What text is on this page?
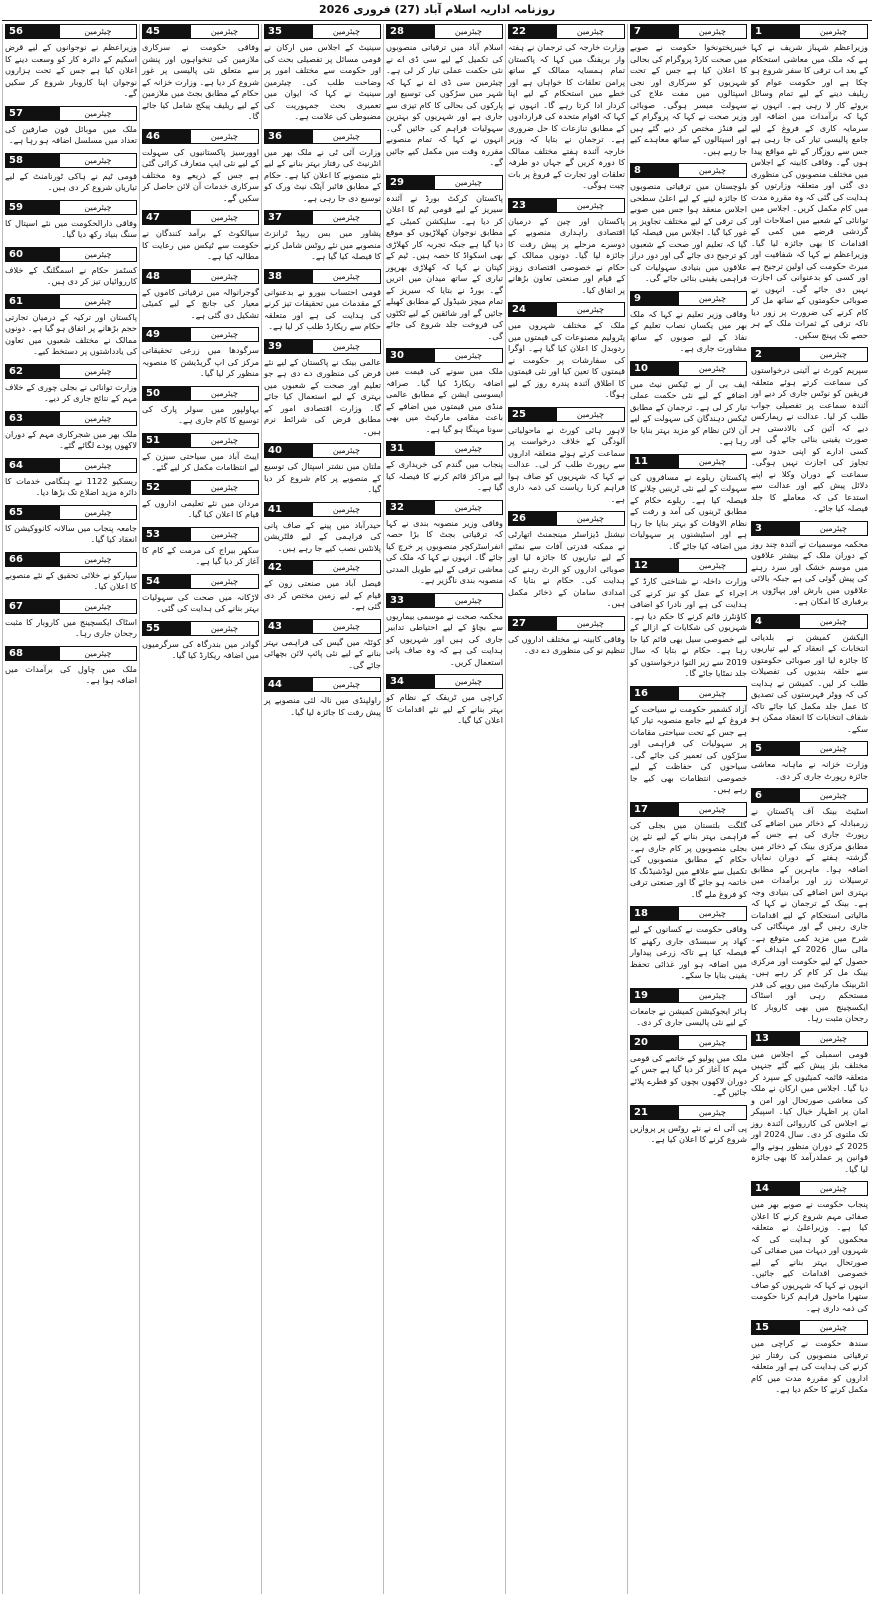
روزنامہ اداریہ اسلام آباد (27) فروری 2026
1	چیئرمین

وزیراعظم شہباز شریف نے کہا ہے کہ ملک میں معاشی استحکام کے بعد اب ترقی کا سفر شروع ہو چکا ہے اور حکومت عوام کو ریلیف دینے کے لیے تمام وسائل بروئے کار لا رہی ہے۔ انہوں نے کہا کہ برآمدات میں اضافہ اور سرمایہ کاری کے فروغ کے لیے جامع پالیسی تیار کی جا رہی ہے جس سے روزگار کے نئے مواقع پیدا ہوں گے۔ وفاقی کابینہ کے اجلاس میں مختلف منصوبوں کی منظوری دی گئی اور متعلقہ وزارتوں کو ہدایت کی گئی کہ وہ مقررہ مدت میں کام مکمل کریں۔ اجلاس میں توانائی کے شعبے میں اصلاحات اور گردشی قرضے میں کمی کے اقدامات کا بھی جائزہ لیا گیا۔ وزیراعظم نے کہا کہ شفافیت اور میرٹ حکومت کی اولین ترجیح ہے اور کسی کو بدعنوانی کی اجازت نہیں دی جائے گی۔ انہوں نے صوبائی حکومتوں کے ساتھ مل کر کام کرنے کی ضرورت پر زور دیا تاکہ ترقی کے ثمرات ملک کے ہر حصے تک پہنچ سکیں۔

2	چیئرمین

سپریم کورٹ نے آئینی درخواستوں کی سماعت کرتے ہوئے متعلقہ فریقین کو نوٹس جاری کر دیے اور آئندہ سماعت پر تفصیلی جواب طلب کر لیا۔ عدالت نے ریمارکس دیے کہ آئین کی بالادستی ہر صورت یقینی بنائی جائے گی اور کسی ادارے کو اپنی حدود سے تجاوز کی اجازت نہیں ہوگی۔ سماعت کے دوران وکلا نے اپنے دلائل پیش کیے اور عدالت سے استدعا کی کہ معاملے کا جلد فیصلہ کیا جائے۔

3	چیئرمین

محکمہ موسمیات نے آئندہ چند روز کے دوران ملک کے بیشتر علاقوں میں موسم خشک اور سرد رہنے کی پیش گوئی کی ہے جبکہ بالائی علاقوں میں بارش اور پہاڑوں پر برفباری کا امکان ہے۔

4	چیئرمین

الیکشن کمیشن نے بلدیاتی انتخابات کے انعقاد کے لیے تیاریوں کا جائزہ لیا اور صوبائی حکومتوں سے حلقہ بندیوں کی تفصیلات طلب کر لیں۔ کمیشن نے ہدایت کی کہ ووٹر فہرستوں کی تصدیق کا عمل جلد مکمل کیا جائے تاکہ شفاف انتخابات کا انعقاد ممکن ہو سکے۔

5	چیئرمین

وزارت خزانہ نے ماہانہ معاشی جائزہ رپورٹ جاری کر دی۔

6	چیئرمین

اسٹیٹ بینک آف پاکستان نے زرمبادلہ کے ذخائر میں اضافے کی رپورٹ جاری کی ہے جس کے مطابق مرکزی بینک کے ذخائر میں گزشتہ ہفتے کے دوران نمایاں اضافہ ہوا۔ ماہرین کے مطابق ترسیلات زر اور برآمدات میں بہتری اس اضافے کی بنیادی وجہ ہے۔ بینک کے ترجمان نے کہا کہ مالیاتی استحکام کے لیے اقدامات جاری رہیں گے اور مہنگائی کی شرح میں مزید کمی متوقع ہے۔ مالی سال 2026 کے اہداف کے حصول کے لیے حکومت اور مرکزی بینک مل کر کام کر رہے ہیں۔ انٹربینک مارکیٹ میں روپے کی قدر مستحکم رہی اور اسٹاک ایکسچینج میں بھی کاروبار کا رجحان مثبت رہا۔

13	چیئرمین

قومی اسمبلی کے اجلاس میں مختلف بلز پیش کیے گئے جنہیں متعلقہ قائمہ کمیٹیوں کے سپرد کر دیا گیا۔ اجلاس میں ارکان نے ملک کی معاشی صورتحال اور امن و امان پر اظہار خیال کیا۔ اسپیکر نے اجلاس کی کارروائی آئندہ روز تک ملتوی کر دی۔ سال 2024 اور 2025 کے دوران منظور ہونے والے قوانین پر عملدرآمد کا بھی جائزہ لیا گیا۔

14	چیئرمین

پنجاب حکومت نے صوبے بھر میں صفائی مہم شروع کرنے کا اعلان کیا ہے۔ وزیراعلیٰ نے متعلقہ محکموں کو ہدایت کی کہ شہروں اور دیہات میں صفائی کی صورتحال بہتر بنانے کے لیے خصوصی اقدامات کیے جائیں۔ انہوں نے کہا کہ شہریوں کو صاف ستھرا ماحول فراہم کرنا حکومت کی ذمہ داری ہے۔

15	چیئرمین

سندھ حکومت نے کراچی میں ترقیاتی منصوبوں کی رفتار تیز کرنے کی ہدایت کی ہے اور متعلقہ اداروں کو مقررہ مدت میں کام مکمل کرنے کا حکم دیا ہے۔

7	چیئرمین

خیبرپختونخوا حکومت نے صوبے میں صحت کارڈ پروگرام کی بحالی کا اعلان کیا ہے جس کے تحت شہریوں کو سرکاری اور نجی اسپتالوں میں مفت علاج کی سہولت میسر ہوگی۔ صوبائی وزیر صحت نے کہا کہ پروگرام کے لیے فنڈز مختص کر دیے گئے ہیں اور اسپتالوں کے ساتھ معاہدے کیے جا رہے ہیں۔

8	چیئرمین

بلوچستان میں ترقیاتی منصوبوں کا جائزہ لینے کے لیے اعلیٰ سطحی اجلاس منعقد ہوا جس میں صوبے کی ترقی کے لیے مختلف تجاویز پر غور کیا گیا۔ اجلاس میں فیصلہ کیا گیا کہ تعلیم اور صحت کے شعبوں کو ترجیح دی جائے گی اور دور دراز علاقوں میں بنیادی سہولیات کی فراہمی یقینی بنائی جائے گی۔

9	چیئرمین

وفاقی وزیر تعلیم نے کہا کہ ملک بھر میں یکساں نصاب تعلیم کے نفاذ کے لیے صوبوں کے ساتھ مشاورت جاری ہے۔

10	چیئرمین

ایف بی آر نے ٹیکس نیٹ میں اضافے کے لیے نئی حکمت عملی تیار کر لی ہے۔ ترجمان کے مطابق ٹیکس دہندگان کی سہولت کے لیے آن لائن نظام کو مزید بہتر بنایا جا رہا ہے۔

11	چیئرمین

پاکستان ریلوے نے مسافروں کی سہولت کے لیے نئی ٹرینیں چلانے کا فیصلہ کیا ہے۔ ریلوے حکام کے مطابق ٹرینوں کی آمد و رفت کے نظام الاوقات کو بہتر بنایا جا رہا ہے اور اسٹیشنوں پر سہولیات میں اضافہ کیا جائے گا۔

12	چیئرمین

وزارت داخلہ نے شناختی کارڈ کے اجراء کے عمل کو تیز کرنے کی ہدایت کی ہے اور نادرا کو اضافی کاؤنٹرز قائم کرنے کا حکم دیا ہے۔ شہریوں کی شکایات کے ازالے کے لیے خصوصی سیل بھی قائم کیا جا رہا ہے۔ حکام نے بتایا کہ سال 2019 سے زیر التوا درخواستوں کو جلد نمٹایا جائے گا۔

16	چیئرمین

آزاد کشمیر حکومت نے سیاحت کے فروغ کے لیے جامع منصوبہ تیار کیا ہے جس کے تحت سیاحتی مقامات پر سہولیات کی فراہمی اور سڑکوں کی تعمیر کی جائے گی۔ سیاحوں کی حفاظت کے لیے خصوصی انتظامات بھی کیے جا رہے ہیں۔

17	چیئرمین

گلگت بلتستان میں بجلی کی فراہمی بہتر بنانے کے لیے نئے پن بجلی منصوبوں پر کام جاری ہے۔ حکام کے مطابق منصوبوں کی تکمیل سے علاقے میں لوڈشیڈنگ کا خاتمہ ہو جائے گا اور صنعتی ترقی کو فروغ ملے گا۔

18	چیئرمین

وفاقی حکومت نے کسانوں کے لیے کھاد پر سبسڈی جاری رکھنے کا فیصلہ کیا ہے تاکہ زرعی پیداوار میں اضافہ ہو اور غذائی تحفظ یقینی بنایا جا سکے۔

19	چیئرمین

ہائر ایجوکیشن کمیشن نے جامعات کے لیے نئی پالیسی جاری کر دی۔

20	چیئرمین

ملک میں پولیو کے خاتمے کی قومی مہم کا آغاز کر دیا گیا ہے جس کے دوران لاکھوں بچوں کو قطرے پلائے جائیں گے۔

21	چیئرمین

پی آئی اے نے نئے روٹس پر پروازیں شروع کرنے کا اعلان کیا ہے۔

22	چیئرمین

وزارت خارجہ کی ترجمان نے ہفتہ وار بریفنگ میں کہا کہ پاکستان تمام ہمسایہ ممالک کے ساتھ پرامن تعلقات کا خواہاں ہے اور خطے میں استحکام کے لیے اپنا کردار ادا کرتا رہے گا۔ انہوں نے کہا کہ اقوام متحدہ کی قراردادوں کے مطابق تنازعات کا حل ضروری ہے۔ ترجمان نے بتایا کہ وزیر خارجہ آئندہ ہفتے مختلف ممالک کا دورہ کریں گے جہاں دو طرفہ تعلقات اور تجارت کے فروغ پر بات چیت ہوگی۔

23	چیئرمین

پاکستان اور چین کے درمیان اقتصادی راہداری منصوبے کے دوسرے مرحلے پر پیش رفت کا جائزہ لیا گیا۔ دونوں ممالک کے حکام نے خصوصی اقتصادی زونز کے قیام اور صنعتی تعاون بڑھانے پر اتفاق کیا۔

24	چیئرمین

ملک کے مختلف شہروں میں پٹرولیم مصنوعات کی قیمتوں میں ردوبدل کا اعلان کیا گیا ہے۔ اوگرا کی سفارشات پر حکومت نے قیمتوں کا تعین کیا اور نئی قیمتوں کا اطلاق آئندہ پندرہ روز کے لیے ہوگا۔

25	چیئرمین

لاہور ہائی کورٹ نے ماحولیاتی آلودگی کے خلاف درخواست پر سماعت کرتے ہوئے متعلقہ اداروں سے رپورٹ طلب کر لی۔ عدالت نے کہا کہ شہریوں کو صاف ہوا فراہم کرنا ریاست کی ذمہ داری ہے۔

26	چیئرمین

نیشنل ڈیزاسٹر مینجمنٹ اتھارٹی نے ممکنہ قدرتی آفات سے نمٹنے کے لیے تیاریوں کا جائزہ لیا اور صوبائی اداروں کو الرٹ رہنے کی ہدایت کی۔ حکام نے بتایا کہ امدادی سامان کے ذخائر مکمل ہیں۔

27	چیئرمین

وفاقی کابینہ نے مختلف اداروں کی تنظیم نو کی منظوری دے دی۔

28	چیئرمین

اسلام آباد میں ترقیاتی منصوبوں کی تکمیل کے لیے سی ڈی اے نے نئی حکمت عملی تیار کر لی ہے۔ چیئرمین سی ڈی اے نے کہا کہ شہر میں سڑکوں کی توسیع اور پارکوں کی بحالی کا کام تیزی سے جاری ہے اور شہریوں کو بہترین سہولیات فراہم کی جائیں گی۔ انہوں نے کہا کہ تمام منصوبے مقررہ وقت میں مکمل کیے جائیں گے۔

29	چیئرمین

پاکستان کرکٹ بورڈ نے آئندہ سیریز کے لیے قومی ٹیم کا اعلان کر دیا ہے۔ سلیکشن کمیٹی کے مطابق نوجوان کھلاڑیوں کو موقع دیا گیا ہے جبکہ تجربہ کار کھلاڑی بھی اسکواڈ کا حصہ ہیں۔ ٹیم کے کپتان نے کہا کہ کھلاڑی بھرپور تیاری کے ساتھ میدان میں اتریں گے۔ بورڈ نے بتایا کہ سیریز کے تمام میچز شیڈول کے مطابق کھیلے جائیں گے اور شائقین کے لیے ٹکٹوں کی فروخت جلد شروع کی جائے گی۔

30	چیئرمین

ملک میں سونے کی قیمت میں اضافہ ریکارڈ کیا گیا۔ صرافہ ایسوسی ایشن کے مطابق عالمی منڈی میں قیمتوں میں اضافے کے باعث مقامی مارکیٹ میں بھی سونا مہنگا ہو گیا ہے۔

31	چیئرمین

پنجاب میں گندم کی خریداری کے لیے مراکز قائم کرنے کا فیصلہ کیا گیا ہے۔

32	چیئرمین

وفاقی وزیر منصوبہ بندی نے کہا کہ ترقیاتی بجٹ کا بڑا حصہ انفراسٹرکچر منصوبوں پر خرچ کیا جائے گا۔ انہوں نے کہا کہ ملک کی معاشی ترقی کے لیے طویل المدتی منصوبہ بندی ناگزیر ہے۔

33	چیئرمین

محکمہ صحت نے موسمی بیماریوں سے بچاؤ کے لیے احتیاطی تدابیر جاری کی ہیں اور شہریوں کو ہدایت کی ہے کہ وہ صاف پانی استعمال کریں۔

34	چیئرمین

کراچی میں ٹریفک کے نظام کو بہتر بنانے کے لیے نئے اقدامات کا اعلان کیا گیا۔

35	چیئرمین

سینیٹ کے اجلاس میں ارکان نے قومی مسائل پر تفصیلی بحث کی اور حکومت سے مختلف امور پر وضاحت طلب کی۔ چیئرمین سینیٹ نے کہا کہ ایوان میں تعمیری بحث جمہوریت کی مضبوطی کی علامت ہے۔

36	چیئرمین

وزارت آئی ٹی نے ملک بھر میں انٹرنیٹ کی رفتار بہتر بنانے کے لیے نئے منصوبے کا اعلان کیا ہے۔ حکام کے مطابق فائبر آپٹک نیٹ ورک کو توسیع دی جا رہی ہے۔

37	چیئرمین

پشاور میں بس ریپڈ ٹرانزٹ منصوبے میں نئے روٹس شامل کرنے کا فیصلہ کیا گیا ہے۔

38	چیئرمین

قومی احتساب بیورو نے بدعنوانی کے مقدمات میں تحقیقات تیز کرنے کی ہدایت کی ہے اور متعلقہ حکام سے ریکارڈ طلب کر لیا ہے۔

39	چیئرمین

عالمی بینک نے پاکستان کے لیے نئے قرض کی منظوری دے دی ہے جو تعلیم اور صحت کے شعبوں میں بہتری کے لیے استعمال کیا جائے گا۔ وزارت اقتصادی امور کے مطابق قرض کی شرائط نرم ہیں۔

40	چیئرمین

ملتان میں نشتر اسپتال کی توسیع کے منصوبے پر کام شروع کر دیا گیا۔

41	چیئرمین

حیدرآباد میں پینے کے صاف پانی کی فراہمی کے لیے فلٹریشن پلانٹس نصب کیے جا رہے ہیں۔

42	چیئرمین

فیصل آباد میں صنعتی زون کے قیام کے لیے زمین مختص کر دی گئی ہے۔

43	چیئرمین

کوئٹہ میں گیس کی فراہمی بہتر بنانے کے لیے نئی پائپ لائن بچھائی جائے گی۔

44	چیئرمین

راولپنڈی میں نالہ لئی منصوبے پر پیش رفت کا جائزہ لیا گیا۔

45	چیئرمین

وفاقی حکومت نے سرکاری ملازمین کی تنخواہوں اور پنشن سے متعلق نئی پالیسی پر غور شروع کر دیا ہے۔ وزارت خزانہ کے حکام کے مطابق بجٹ میں ملازمین کے لیے ریلیف پیکج شامل کیا جائے گا۔

46	چیئرمین

اوورسیز پاکستانیوں کی سہولت کے لیے نئی ایپ متعارف کرائی گئی ہے جس کے ذریعے وہ مختلف سرکاری خدمات آن لائن حاصل کر سکیں گے۔

47	چیئرمین

سیالکوٹ کے برآمد کنندگان نے حکومت سے ٹیکس میں رعایت کا مطالبہ کیا ہے۔

48	چیئرمین

گوجرانوالہ میں ترقیاتی کاموں کے معیار کی جانچ کے لیے کمیٹی تشکیل دی گئی ہے۔

49	چیئرمین

سرگودھا میں زرعی تحقیقاتی مرکز کی اپ گریڈیشن کا منصوبہ منظور کر لیا گیا۔

50	چیئرمین

بہاولپور میں سولر پارک کی توسیع کا کام جاری ہے۔

51	چیئرمین

ایبٹ آباد میں سیاحتی سیزن کے لیے انتظامات مکمل کر لیے گئے۔

52	چیئرمین

مردان میں نئے تعلیمی اداروں کے قیام کا اعلان کیا گیا۔

53	چیئرمین

سکھر بیراج کی مرمت کے کام کا آغاز کر دیا گیا ہے۔

54	چیئرمین

لاڑکانہ میں صحت کی سہولیات بہتر بنانے کی ہدایت کی گئی۔

55	چیئرمین

گوادر میں بندرگاہ کی سرگرمیوں میں اضافہ ریکارڈ کیا گیا۔

56	چیئرمین

وزیراعظم نے نوجوانوں کے لیے قرض اسکیم کے دائرہ کار کو وسعت دینے کا اعلان کیا ہے جس کے تحت ہزاروں نوجوان اپنا کاروبار شروع کر سکیں گے۔

57	چیئرمین

ملک میں موبائل فون صارفین کی تعداد میں مسلسل اضافہ ہو رہا ہے۔

58	چیئرمین

قومی ٹیم نے ہاکی ٹورنامنٹ کے لیے تیاریاں شروع کر دی ہیں۔

59	چیئرمین

وفاقی دارالحکومت میں نئے اسپتال کا سنگ بنیاد رکھ دیا گیا۔

60	چیئرمین

کسٹمز حکام نے اسمگلنگ کے خلاف کارروائیاں تیز کر دی ہیں۔

61	چیئرمین

پاکستان اور ترکیہ کے درمیان تجارتی حجم بڑھانے پر اتفاق ہو گیا ہے۔ دونوں ممالک نے مختلف شعبوں میں تعاون کی یادداشتوں پر دستخط کیے۔

62	چیئرمین

وزارت توانائی نے بجلی چوری کے خلاف مہم کے نتائج جاری کر دیے۔

63	چیئرمین

ملک بھر میں شجرکاری مہم کے دوران لاکھوں پودے لگائے گئے۔

64	چیئرمین

ریسکیو 1122 نے ہنگامی خدمات کا دائرہ مزید اضلاع تک بڑھا دیا۔

65	چیئرمین

جامعہ پنجاب میں سالانہ کانووکیشن کا انعقاد کیا گیا۔

66	چیئرمین

سپارکو نے خلائی تحقیق کے نئے منصوبے کا اعلان کیا۔

67	چیئرمین

اسٹاک ایکسچینج میں کاروبار کا مثبت رجحان جاری رہا۔

68	چیئرمین

ملک میں چاول کی برآمدات میں اضافہ ہوا ہے۔
